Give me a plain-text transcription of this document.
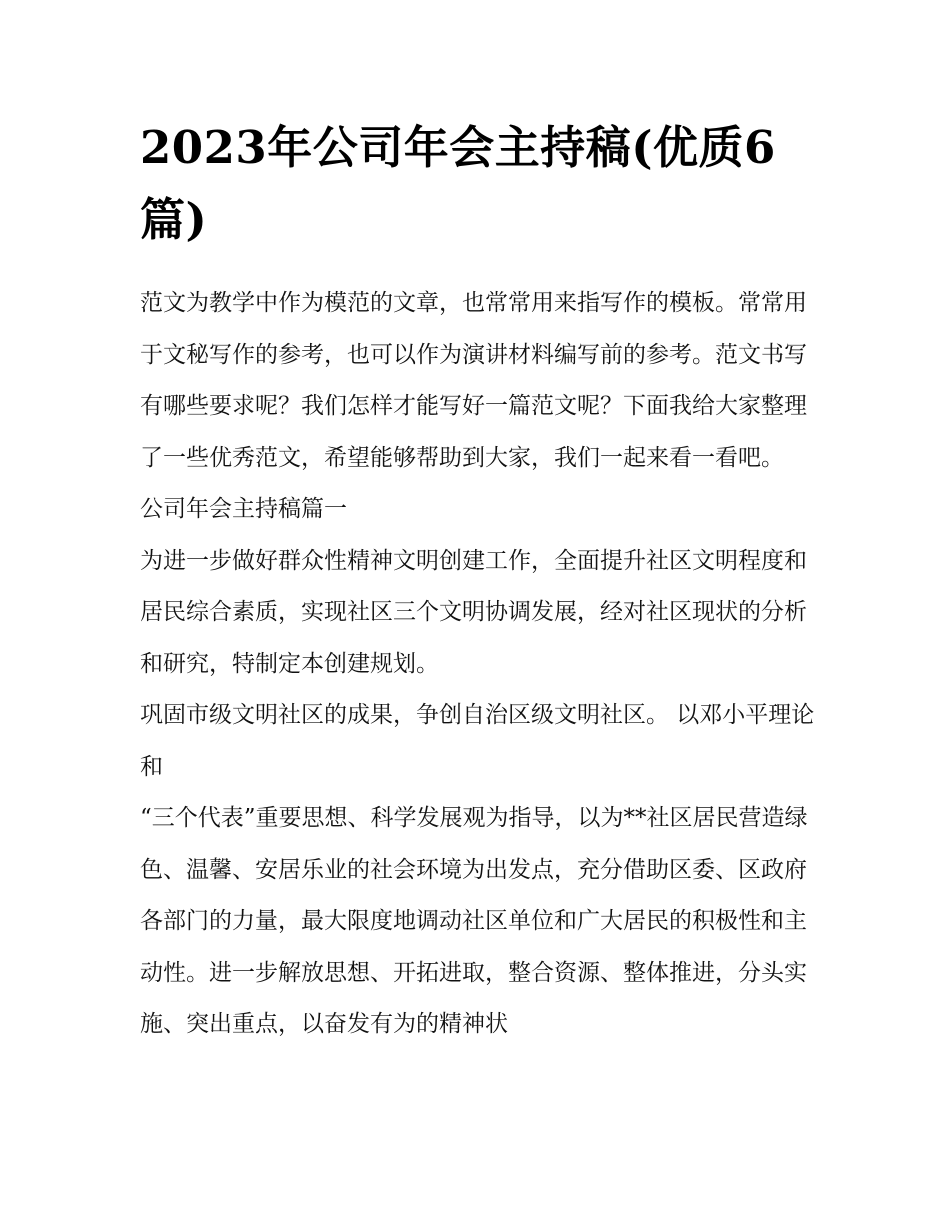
2023年公司年会主持稿(优质6篇)

范文为教学中作为模范的文章，也常常用来指写作的模板。常常用于文秘写作的参考，也可以作为演讲材料编写前的参考。范文书写有哪些要求呢？我们怎样才能写好一篇范文呢？下面我给大家整理了一些优秀范文，希望能够帮助到大家，我们一起来看一看吧。

公司年会主持稿篇一

为进一步做好群众性精神文明创建工作，全面提升社区文明程度和居民综合素质，实现社区三个文明协调发展，经对社区现状的分析和研究，特制定本创建规划。

巩固市级文明社区的成果，争创自治区级文明社区。 以邓小平理论和

“三个代表”重要思想、科学发展观为指导，以为**社区居民营造绿色、温馨、安居乐业的社会环境为出发点，充分借助区委、区政府各部门的力量，最大限度地调动社区单位和广大居民的积极性和主动性。进一步解放思想、开拓进取，整合资源、整体推进，分头实施、突出重点，以奋发有为的精神状
